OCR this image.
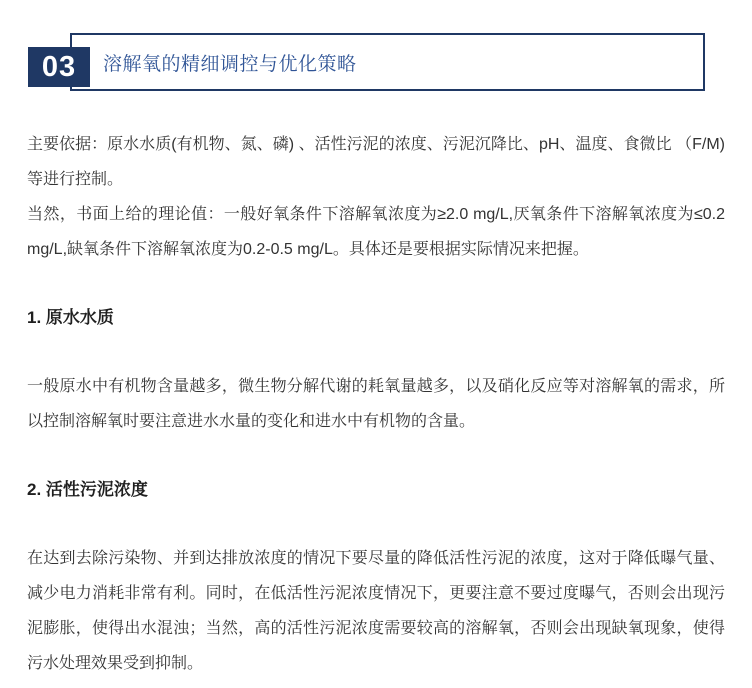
03	溶解氧的精细调控与优化策略

主要依据：原水水质(有机物、氮、磷) 、活性污泥的浓度、污泥沉降比、pH、温度、食微比 （F/M)等进行控制。

当然，书面上给的理论值：一般好氧条件下溶解氧浓度为≥2.0 mg/L,厌氧条件下溶解氧浓度为≤0.2 mg/L,缺氧条件下溶解氧浓度为0.2-0.5 mg/L。具体还是要根据实际情况来把握。

1. 原水水质

一般原水中有机物含量越多，微生物分解代谢的耗氧量越多，以及硝化反应等对溶解氧的需求，所以控制溶解氧时要注意进水水量的变化和进水中有机物的含量。

2. 活性污泥浓度

在达到去除污染物、并到达排放浓度的情况下要尽量的降低活性污泥的浓度，这对于降低曝气量、减少电力消耗非常有利。同时，在低活性污泥浓度情况下，更要注意不要过度曝气，否则会出现污泥膨胀，使得出水混浊；当然，高的活性污泥浓度需要较高的溶解氧，否则会出现缺氧现象，使得污水处理效果受到抑制。
